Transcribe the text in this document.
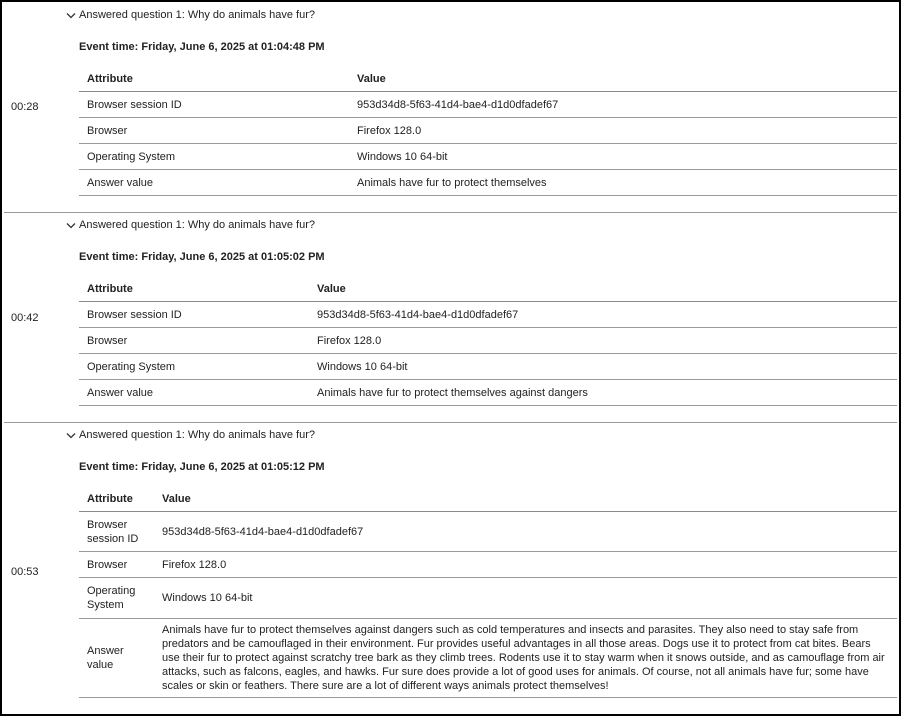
00:28
Answered question 1: Why do animals have fur?
Event time: Friday, June 6, 2025 at 01:04:48 PM
Attribute	Value
Browser session ID	953d34d8-5f63-41d4-bae4-d1d0dfadef67
Browser	Firefox 128.0
Operating System	Windows 10 64-bit
Answer value	Animals have fur to protect themselves
00:42
Answered question 1: Why do animals have fur?
Event time: Friday, June 6, 2025 at 01:05:02 PM
Attribute	Value
Browser session ID	953d34d8-5f63-41d4-bae4-d1d0dfadef67
Browser	Firefox 128.0
Operating System	Windows 10 64-bit
Answer value	Animals have fur to protect themselves against dangers
00:53
Answered question 1: Why do animals have fur?
Event time: Friday, June 6, 2025 at 01:05:12 PM
Attribute	Value
Browser session ID	953d34d8-5f63-41d4-bae4-d1d0dfadef67
Browser	Firefox 128.0
Operating System	Windows 10 64-bit
Answer value	Animals have fur to protect themselves against dangers such as cold temperatures and insects and parasites. They also need to stay safe from predators and be camouflaged in their environment. Fur provides useful advantages in all those areas. Dogs use it to protect from cat bites. Bears use their fur to protect against scratchy tree bark as they climb trees. Rodents use it to stay warm when it snows outside, and as camouflage from air attacks, such as falcons, eagles, and hawks. Fur sure does provide a lot of good uses for animals. Of course, not all animals have fur; some have scales or skin or feathers. There sure are a lot of different ways animals protect themselves!
